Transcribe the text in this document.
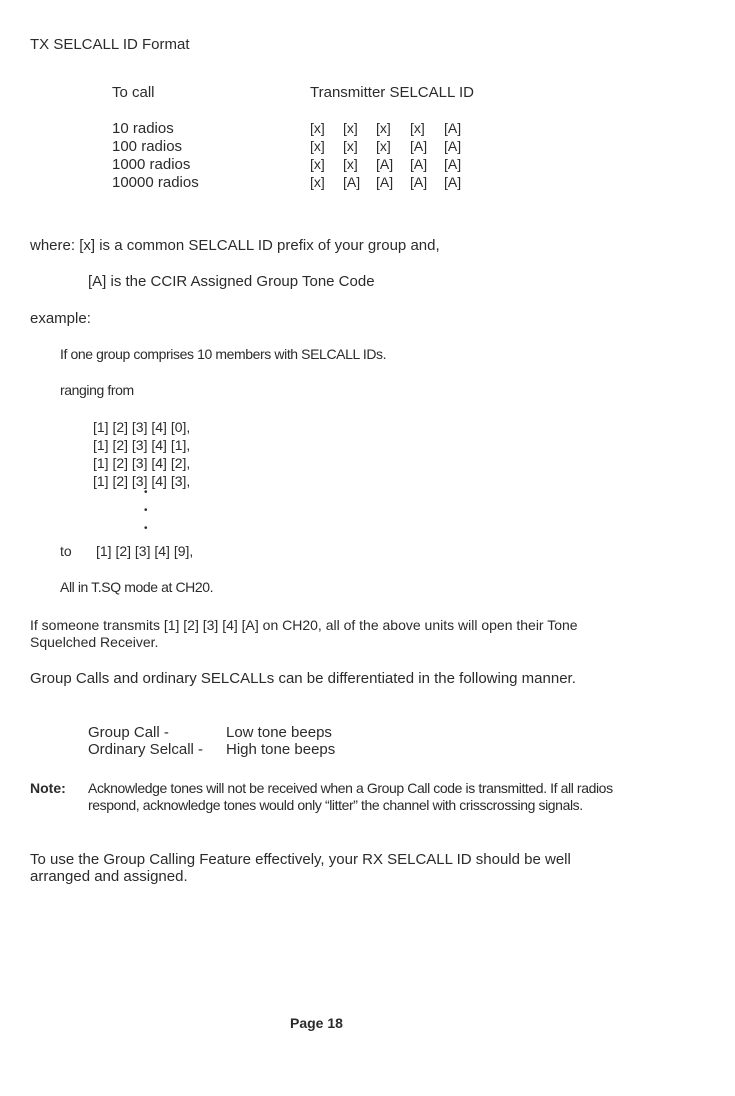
TX SELCALL ID Format
To call	Transmitter SELCALL ID
10 radios
100 radios
1000 radios
10000 radios
[x] [x] [x] [x] [A]
[x] [x] [x] [A] [A]
[x] [x] [A] [A] [A]
[x] [A] [A] [A] [A]
where: [x] is a common SELCALL ID prefix of your group and,
[A] is the CCIR Assigned Group Tone Code
example:
If one group comprises 10 members with SELCALL IDs.
ranging from
[1] [2] [3] [4] [0],
[1] [2] [3] [4] [1],
[1] [2] [3] [4] [2],
[1] [2] [3] [4] [3],
•
•
•
to [1] [2] [3] [4] [9],
All in T.SQ mode at CH20.
If someone transmits [1] [2] [3] [4] [A] on CH20, all of the above units will open their Tone Squelched Receiver.
Group Calls and ordinary SELCALLs can be differentiated in the following manner.
Group Call -	Low tone beeps
Ordinary Selcall - High tone beeps
Note: Acknowledge tones will not be received when a Group Call code is transmitted. If all radios respond, acknowledge tones would only “litter” the channel with crisscrossing signals.
To use the Group Calling Feature effectively, your RX SELCALL ID should be well arranged and assigned.
Page 18
